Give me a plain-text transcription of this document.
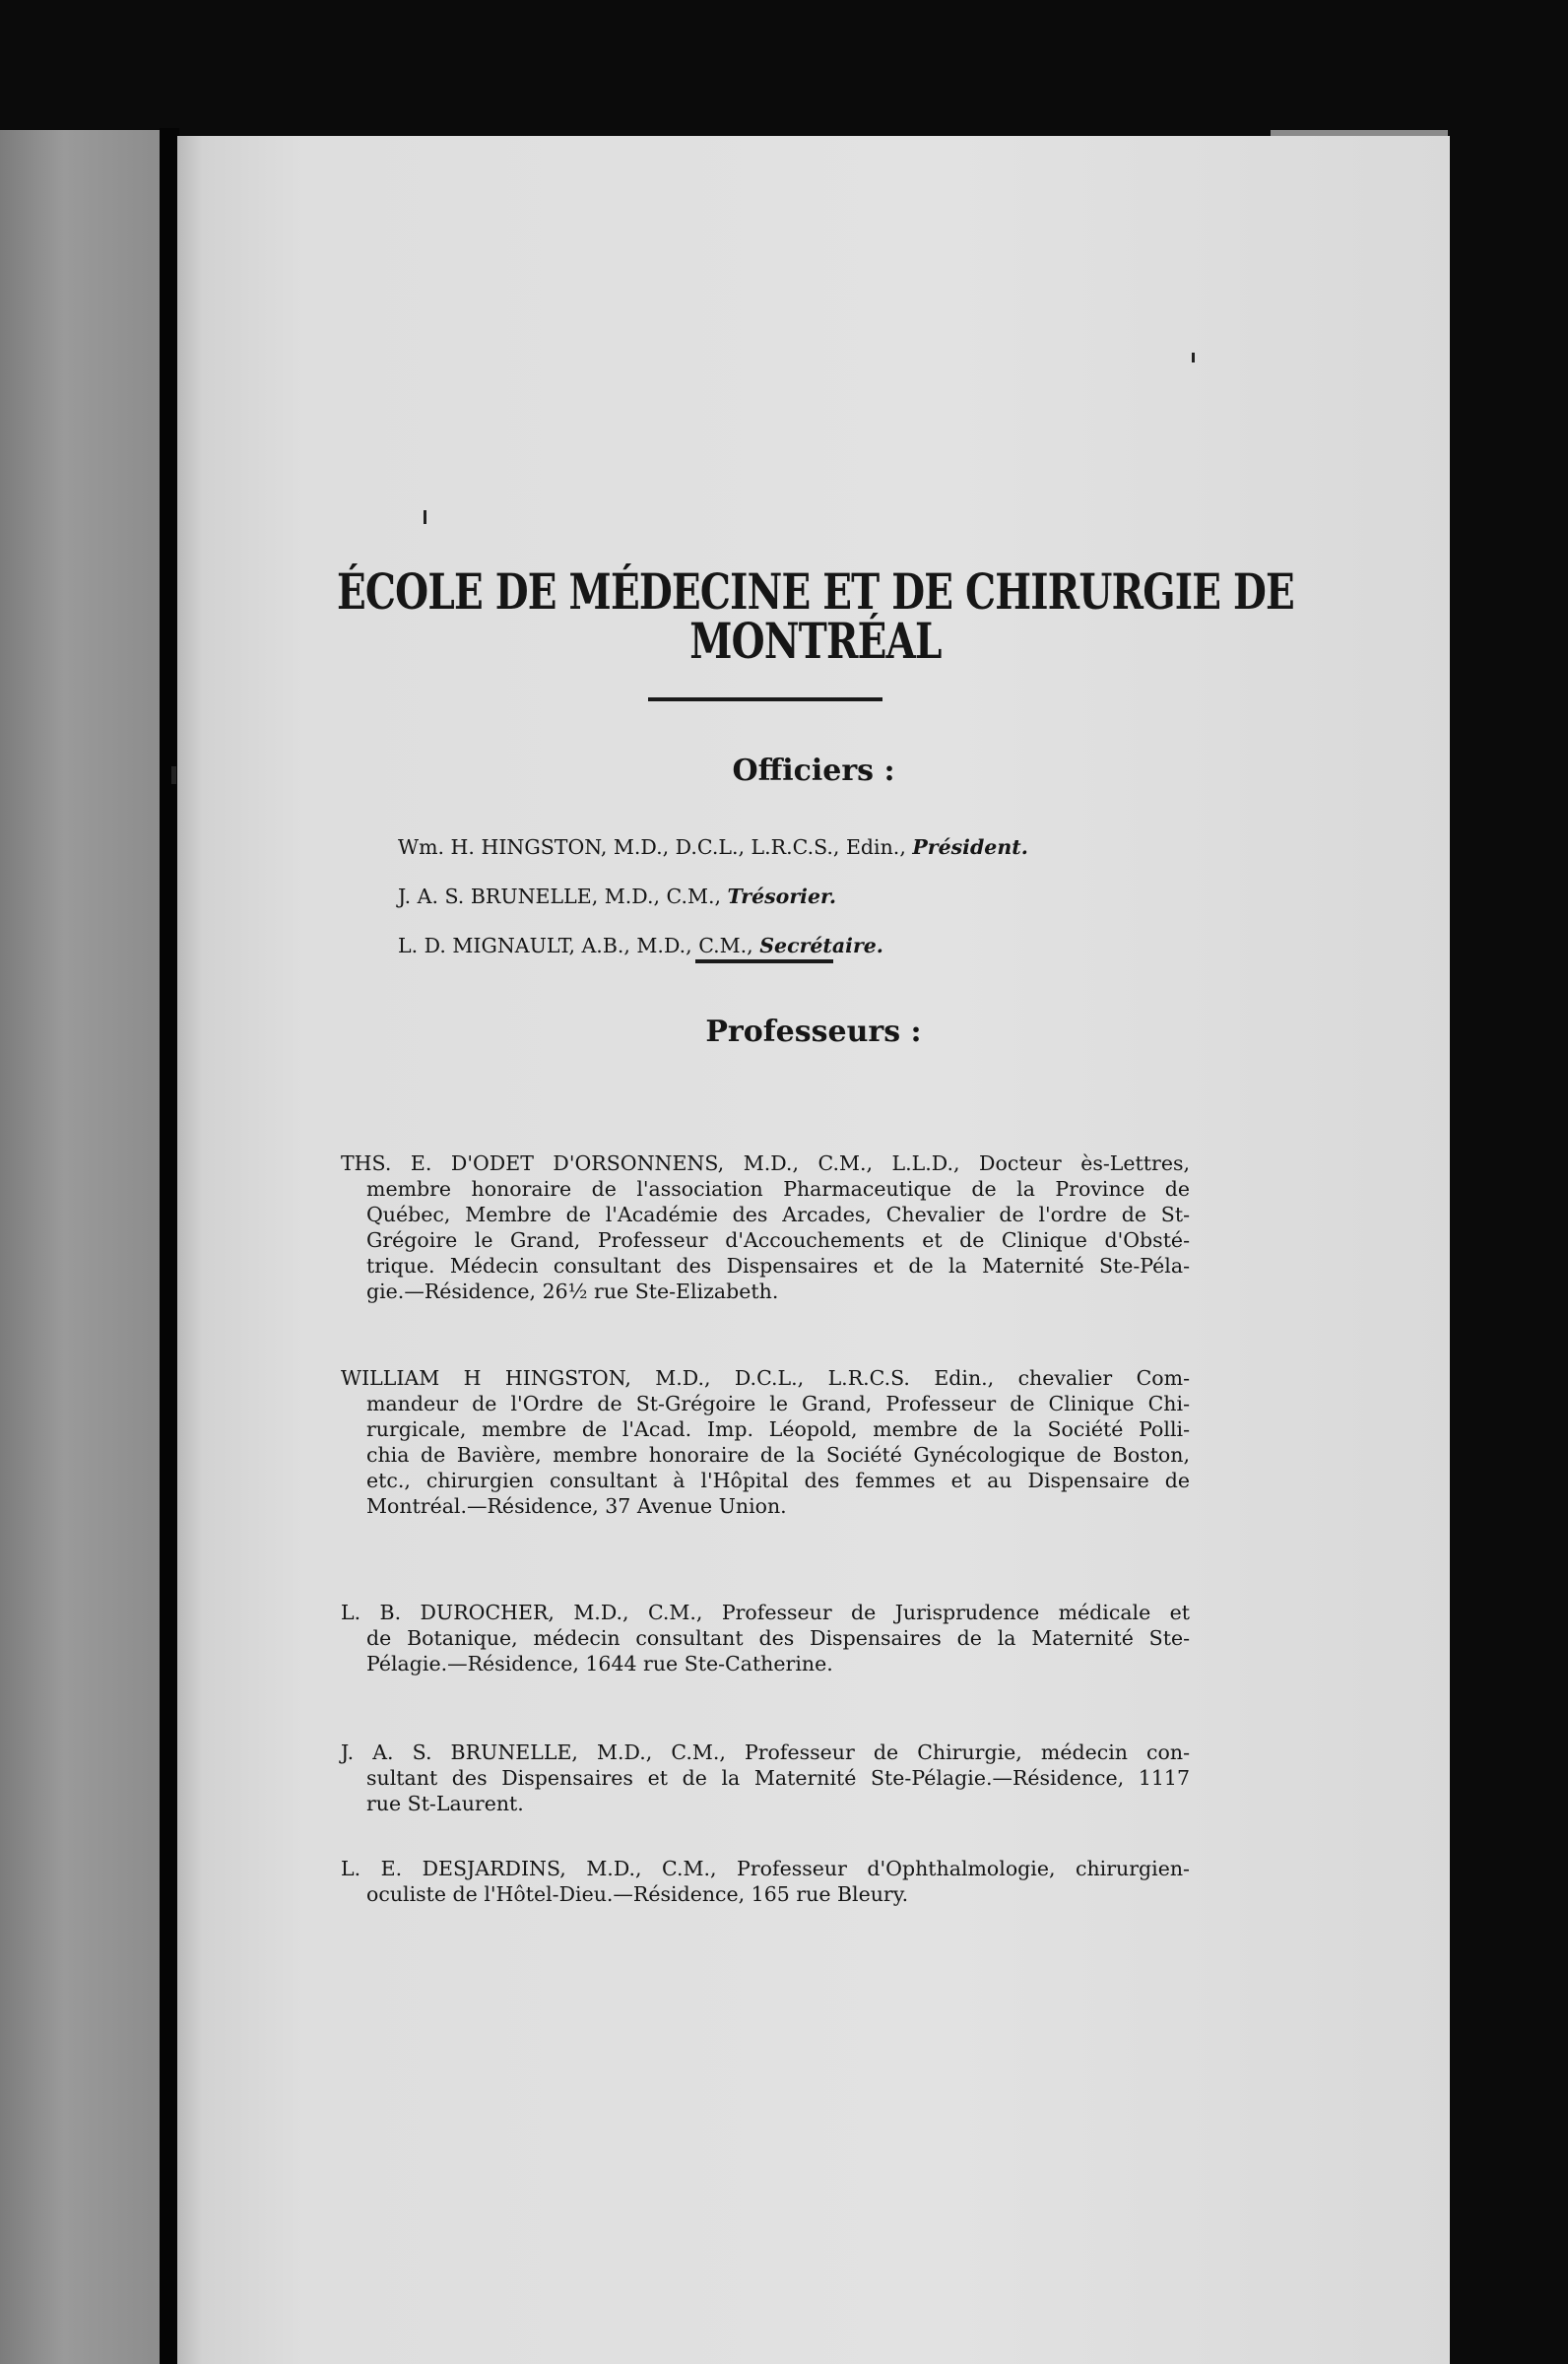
ÉCOLE DE MÉDECINE ET DE CHIRURGIE DE MONTRÉAL
Officiers :
Wm. H. HINGSTON, M.D., D.C.L., L.R.C.S., Edin., Président.
J. A. S. BRUNELLE, M.D., C.M., Trésorier.
L. D. MIGNAULT, A.B., M.D., C.M., Secrétaire.
Professeurs :
THS. E. D'ODET D'ORSONNENS, M.D., C.M., L.L.D., Docteur ès-Lettres,
membre honoraire de l'association Pharmaceutique de la Province de
Québec, Membre de l'Académie des Arcades, Chevalier de l'ordre de St-
Grégoire le Grand, Professeur d'Accouchements et de Clinique d'Obsté-
trique. Médecin consultant des Dispensaires et de la Maternité Ste-Péla-
gie.—Résidence, 26½ rue Ste-Elizabeth.
WILLIAM H HINGSTON, M.D., D.C.L., L.R.C.S. Edin., chevalier Com-
mandeur de l'Ordre de St-Grégoire le Grand, Professeur de Clinique Chi-
rurgicale, membre de l'Acad. Imp. Léopold, membre de la Société Polli-
chia de Bavière, membre honoraire de la Société Gynécologique de Boston,
etc., chirurgien consultant à l'Hôpital des femmes et au Dispensaire de
Montréal.—Résidence, 37 Avenue Union.
L. B. DUROCHER, M.D., C.M., Professeur de Jurisprudence médicale et
de Botanique, médecin consultant des Dispensaires de la Maternité Ste-
Pélagie.—Résidence, 1644 rue Ste-Catherine.
J. A. S. BRUNELLE, M.D., C.M., Professeur de Chirurgie, médecin con-
sultant des Dispensaires et de la Maternité Ste-Pélagie.—Résidence, 1117
rue St-Laurent.
L. E. DESJARDINS, M.D., C.M., Professeur d'Ophthalmologie, chirurgien-
oculiste de l'Hôtel-Dieu.—Résidence, 165 rue Bleury.
